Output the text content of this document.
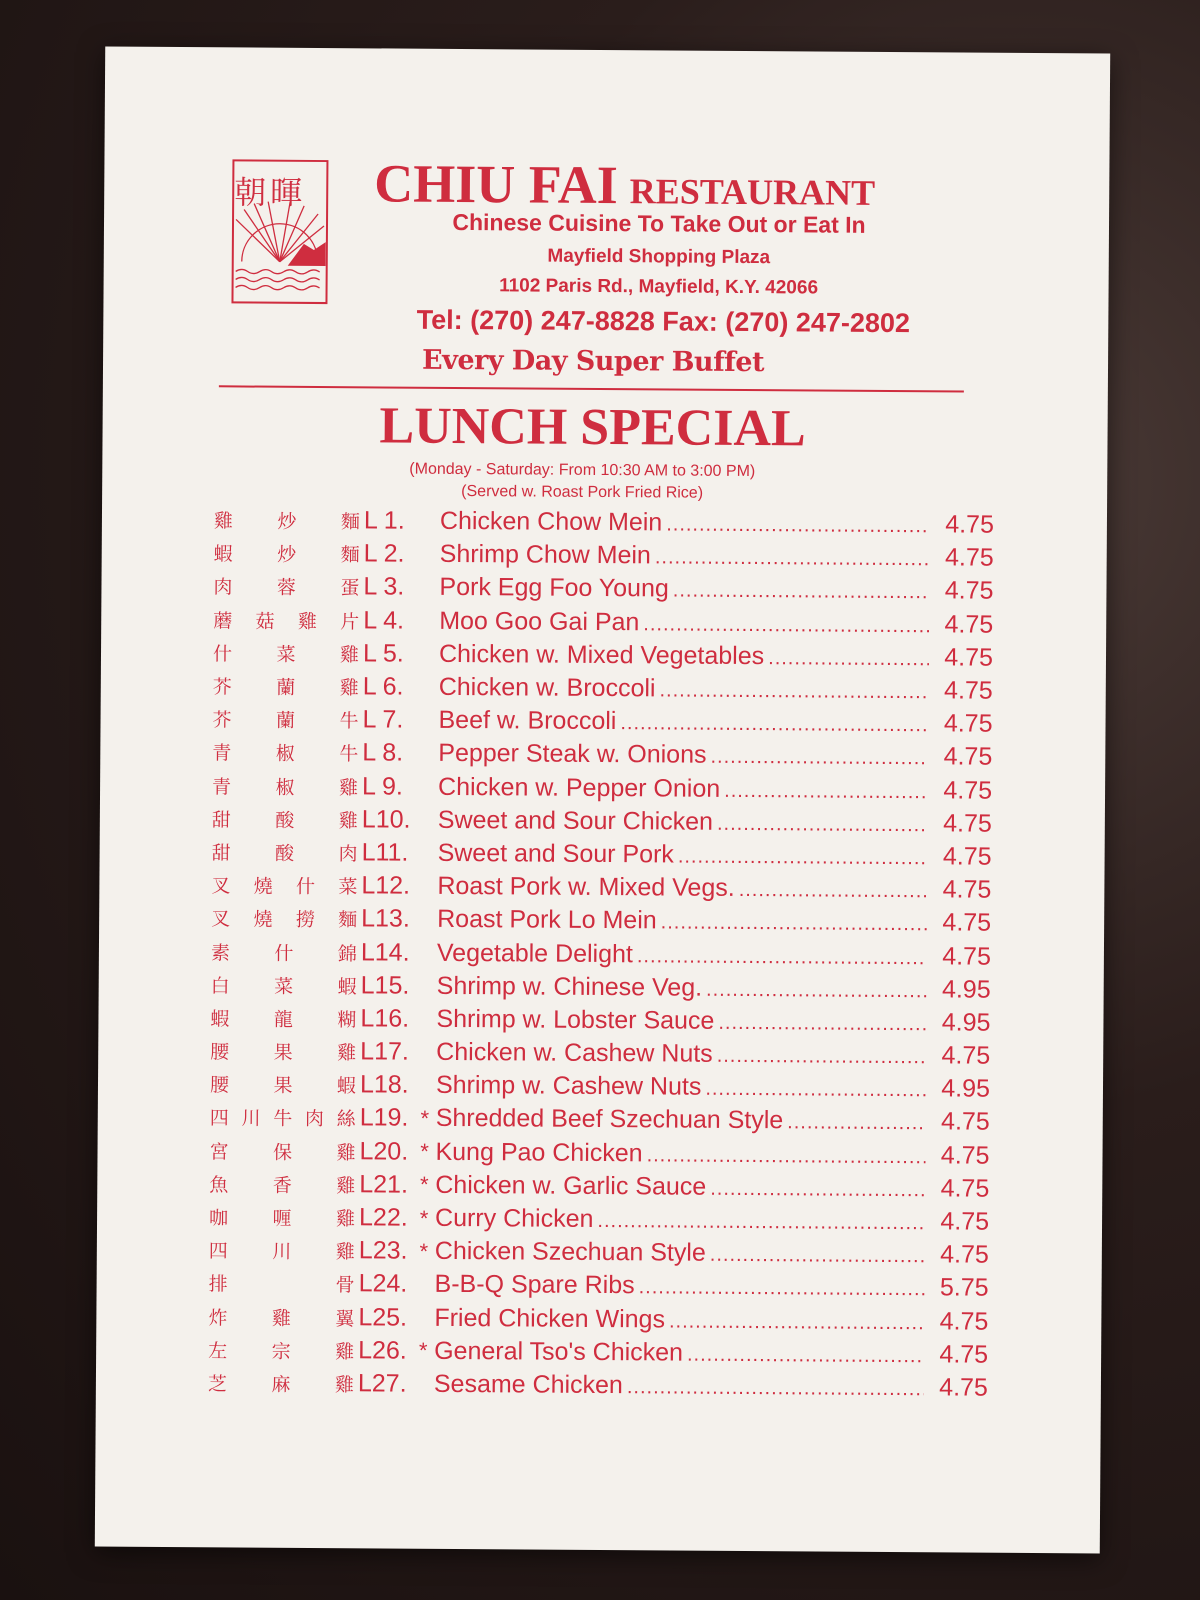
朝暉	CHIU FAI RESTAURANT
Chinese Cuisine To Take Out or Eat In
Mayfield Shopping Plaza
1102 Paris Rd., Mayfield, K.Y. 42066
Tel: (270) 247-8828 Fax: (270) 247-2802
Every Day Super Buffet
LUNCH SPECIAL
(Monday - Saturday: From 10:30 AM to 3:00 PM)
(Served w. Roast Pork Fried Rice)
雞 炒 麵 L 1.	Chicken Chow Mein .....	4.75
蝦 炒 麵 L 2.	Shrimp Chow Mein .....	4.75
肉 蓉 蛋 L 3.	Pork Egg Foo Young .....	4.75
蘑 菇 雞 片 L 4.	Moo Goo Gai Pan .....	4.75
什 菜 雞 L 5.	Chicken w. Mixed Vegetables .....	4.75
芥 蘭 雞 L 6.	Chicken w. Broccoli .....	4.75
芥 蘭 牛 L 7.	Beef w. Broccoli .....	4.75
青 椒 牛 L 8.	Pepper Steak w. Onions .....	4.75
青 椒 雞 L 9.	Chicken w. Pepper Onion .....	4.75
甜 酸 雞 L10. Sweet and Sour Chicken .....	4.75
甜 酸 肉 L11. Sweet and Sour Pork .....	4.75
叉 燒 什 菜 L12. Roast Pork w. Mixed Vegs. .....	4.75
叉 燒 撈 麵 L13. Roast Pork Lo Mein .....	4.75
素 什 錦 L14. Vegetable Delight .....	4.75
白 菜 蝦 L15. Shrimp w. Chinese Veg. .....	4.95
蝦 龍 糊 L16. Shrimp w. Lobster Sauce .....	4.95
腰 果 雞 L17. Chicken w. Cashew Nuts .....	4.75
腰 果 蝦 L18. Shrimp w. Cashew Nuts .....	4.95
四 川 牛 肉 絲 L19. * Shredded Beef Szechuan Style .....	4.75
宮 保 雞 L20. * Kung Pao Chicken .....	4.75
魚 香 雞 L21. * Chicken w. Garlic Sauce .....	4.75
咖 喱 雞 L22. * Curry Chicken .....	4.75
四 川 雞 L23. * Chicken Szechuan Style .....	4.75
排	骨 L24. B-B-Q Spare Ribs .....	5.75
炸 雞 翼 L25. Fried Chicken Wings .....	4.75
左 宗 雞 L26. * General Tso's Chicken .....	4.75
芝 麻 雞 L27. Sesame Chicken .....	4.75
